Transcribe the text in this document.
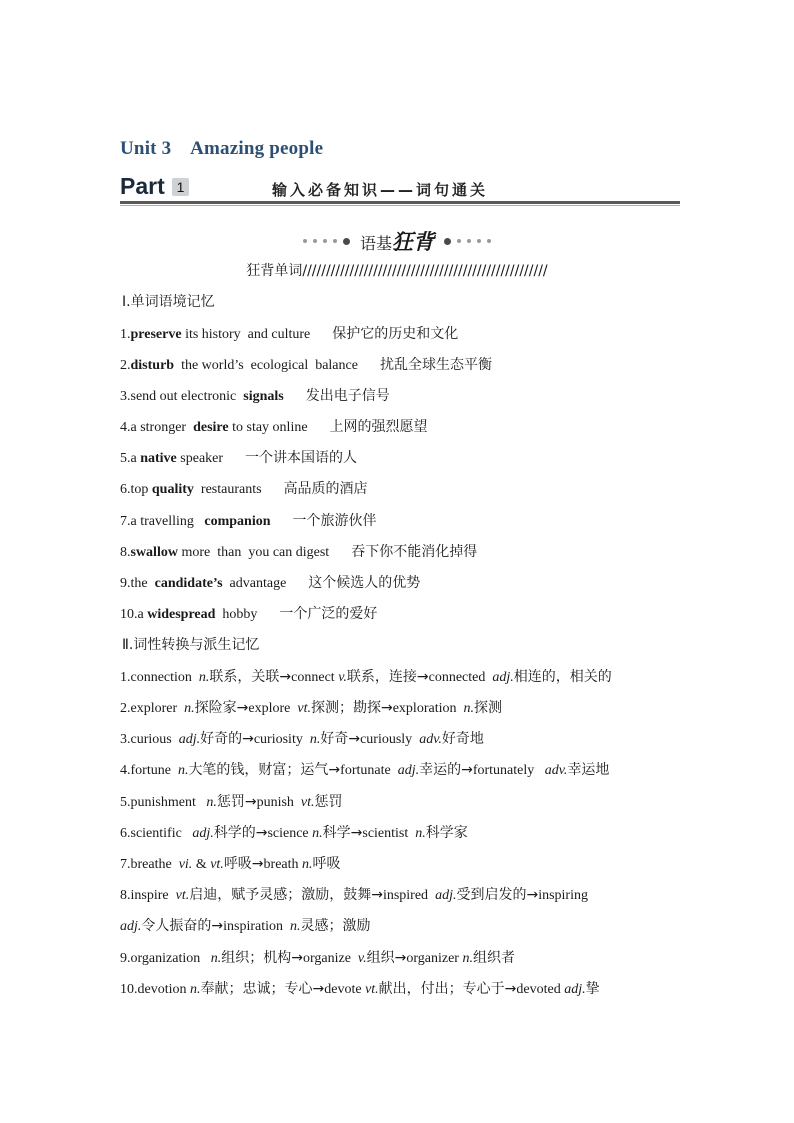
Unit 3    Amazing people
Part 1	输入必备知识——词句通关
语基狂背
狂背单词////////////////////////////////////////////////////
Ⅰ.单词语境记忆
1.preserve its history  and culture 保护它的历史和文化
2.disturb  the world’s  ecological  balance 扰乱全球生态平衡
3.send out electronic  signals 发出电子信号
4.a stronger  desire to stay online 上网的强烈愿望
5.a native speaker 一个讲本国语的人
6.top quality  restaurants 高品质的酒店
7.a travelling   companion 一个旅游伙伴
8.swallow more  than  you can digest 吞下你不能消化掉得
9.the  candidate’s  advantage 这个候选人的优势
10.a widespread  hobby 一个广泛的爱好
Ⅱ.词性转换与派生记忆
1.connection  n.联系，关联→connect v.联系，连接→connected  adj.相连的，相关的
2.explorer  n.探险家→explore  vt.探测；勘探→exploration  n.探测
3.curious  adj.好奇的→curiosity  n.好奇→curiously  adv.好奇地
4.fortune  n.大笔的钱，财富；运气→fortunate  adj.幸运的→fortunately   adv.幸运地
5.punishment   n.惩罚→punish  vt.惩罚
6.scientific   adj.科学的→science n.科学→scientist  n.科学家
7.breathe  vi. & vt.呼吸→breath n.呼吸
8.inspire  vt.启迪，赋予灵感；激励，鼓舞→inspired  adj.受到启发的→inspiring
adj.令人振奋的→inspiration  n.灵感；激励
9.organization   n.组织；机构→organize  v.组织→organizer n.组织者
10.devotion n.奉献；忠诚；专心→devote vt.献出，付出；专心于→devoted adj.挚
